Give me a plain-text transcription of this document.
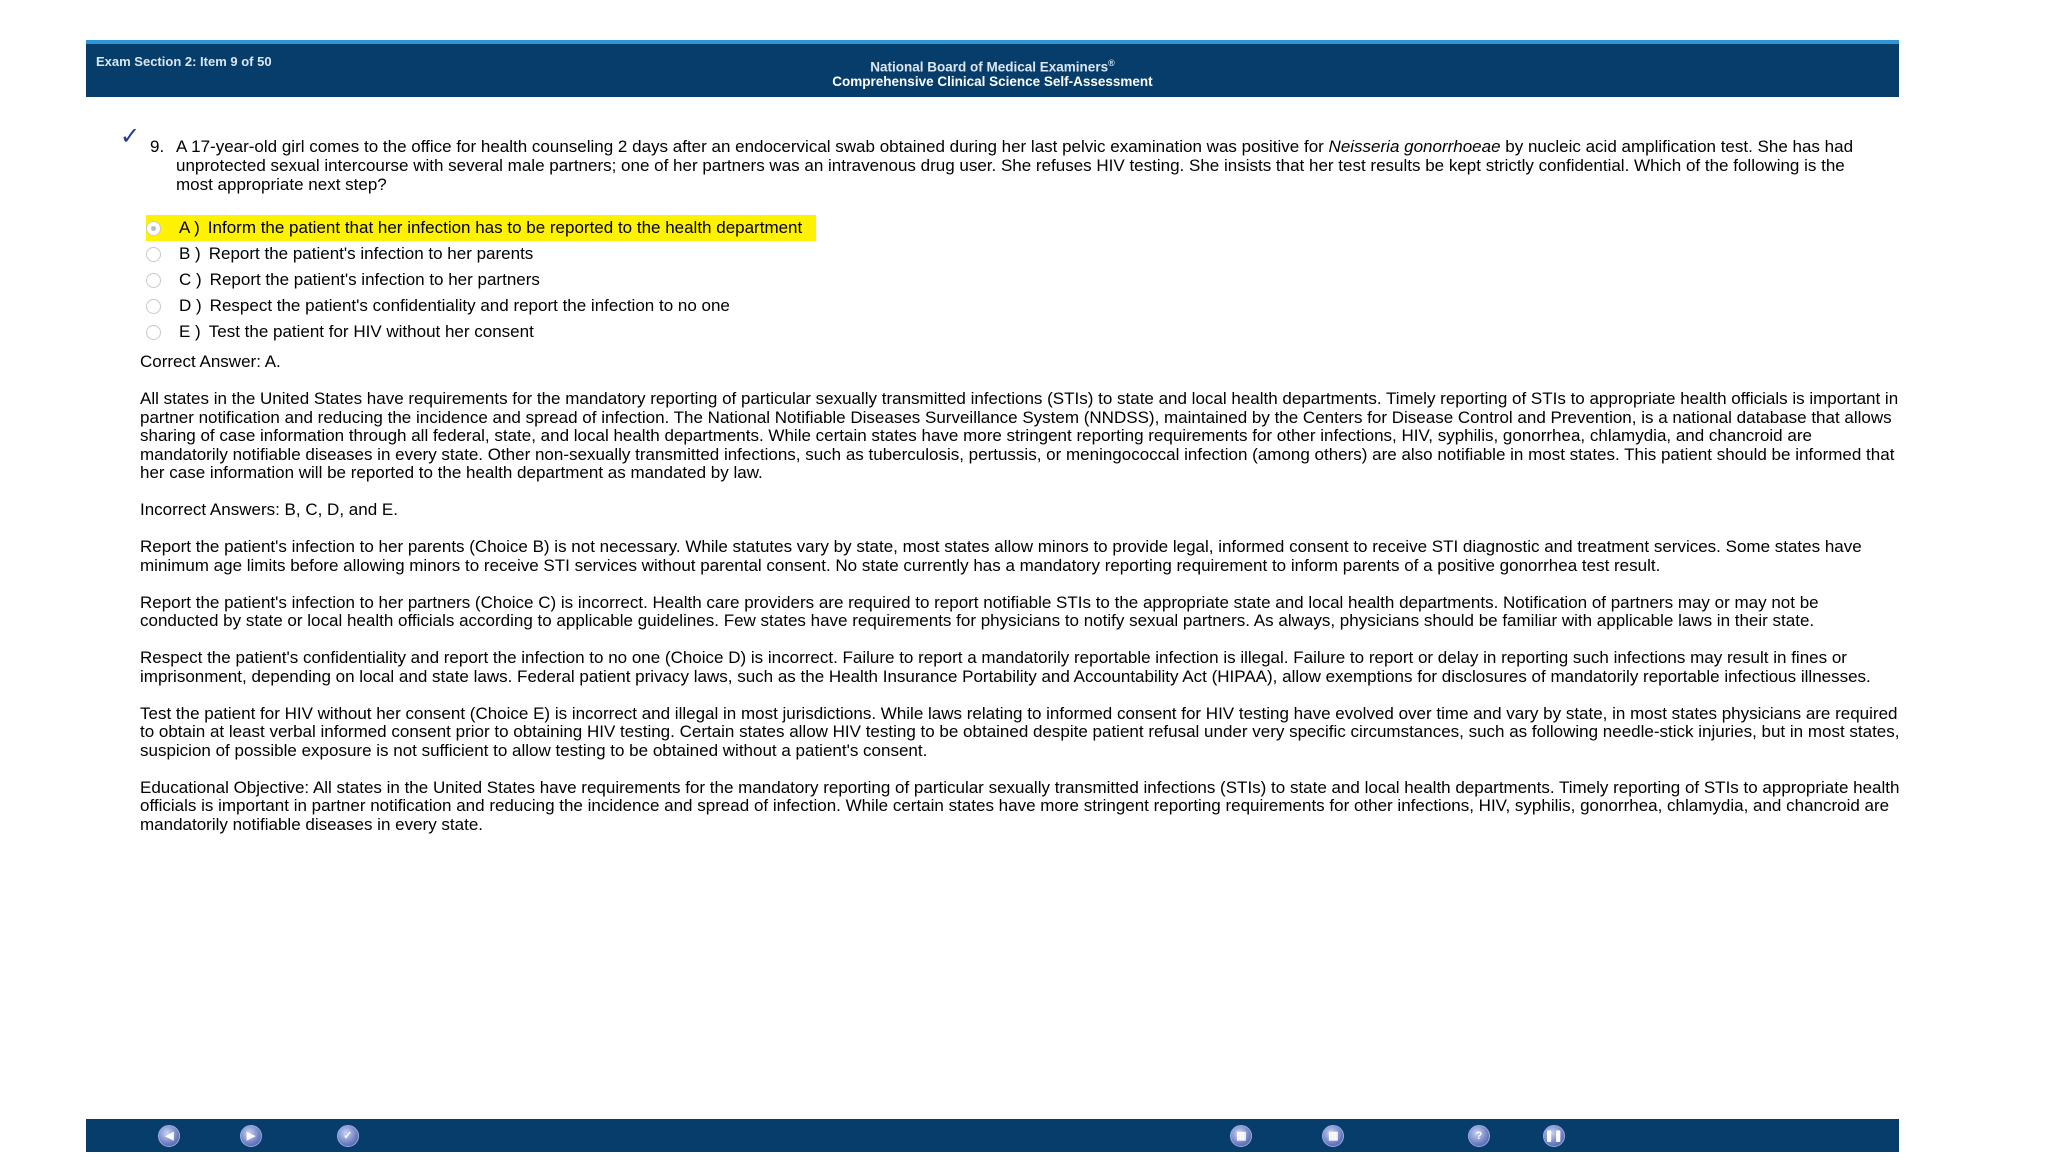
Exam Section 2: Item 9 of 50	National Board of Medical Examiners®
Comprehensive Clinical Science Self-Assessment
✓ 9. A 17-year-old girl comes to the office for health counseling 2 days after an endocervical swab obtained during her last pelvic examination was positive for Neisseria gonorrhoeae by nucleic acid amplification test. She has had unprotected sexual intercourse with several male partners; one of her partners was an intravenous drug user. She refuses HIV testing. She insists that her test results be kept strictly confidential. Which of the following is the most appropriate next step?
A ) Inform the patient that her infection has to be reported to the health department
B ) Report the patient's infection to her parents
C ) Report the patient's infection to her partners
D ) Respect the patient's confidentiality and report the infection to no one
E ) Test the patient for HIV without her consent

Correct Answer: A.

All states in the United States have requirements for the mandatory reporting of particular sexually transmitted infections (STIs) to state and local health departments. Timely reporting of STIs to appropriate health officials is important in partner notification and reducing the incidence and spread of infection. The National Notifiable Diseases Surveillance System (NNDSS), maintained by the Centers for Disease Control and Prevention, is a national database that allows sharing of case information through all federal, state, and local health departments. While certain states have more stringent reporting requirements for other infections, HIV, syphilis, gonorrhea, chlamydia, and chancroid are mandatorily notifiable diseases in every state. Other non-sexually transmitted infections, such as tuberculosis, pertussis, or meningococcal infection (among others) are also notifiable in most states. This patient should be informed that her case information will be reported to the health department as mandated by law.

Incorrect Answers: B, C, D, and E.

Report the patient's infection to her parents (Choice B) is not necessary. While statutes vary by state, most states allow minors to provide legal, informed consent to receive STI diagnostic and treatment services. Some states have minimum age limits before allowing minors to receive STI services without parental consent. No state currently has a mandatory reporting requirement to inform parents of a positive gonorrhea test result.

Report the patient's infection to her partners (Choice C) is incorrect. Health care providers are required to report notifiable STIs to the appropriate state and local health departments. Notification of partners may or may not be conducted by state or local health officials according to applicable guidelines. Few states have requirements for physicians to notify sexual partners. As always, physicians should be familiar with applicable laws in their state.

Respect the patient's confidentiality and report the infection to no one (Choice D) is incorrect. Failure to report a mandatorily reportable infection is illegal. Failure to report or delay in reporting such infections may result in fines or imprisonment, depending on local and state laws. Federal patient privacy laws, such as the Health Insurance Portability and Accountability Act (HIPAA), allow exemptions for disclosures of mandatorily reportable infectious illnesses.

Test the patient for HIV without her consent (Choice E) is incorrect and illegal in most jurisdictions. While laws relating to informed consent for HIV testing have evolved over time and vary by state, in most states physicians are required to obtain at least verbal informed consent prior to obtaining HIV testing. Certain states allow HIV testing to be obtained despite patient refusal under very specific circumstances, such as following needle-stick injuries, but in most states, suspicion of possible exposure is not sufficient to allow testing to be obtained without a patient's consent.

Educational Objective: All states in the United States have requirements for the mandatory reporting of particular sexually transmitted infections (STIs) to state and local health departments. Timely reporting of STIs to appropriate health officials is important in partner notification and reducing the incidence and spread of infection. While certain states have more stringent reporting requirements for other infections, HIV, syphilis, gonorrhea, chlamydia, and chancroid are mandatorily notifiable diseases in every state.

◀
Previous
▶
Next
✓
Score Report
▦
Lab Values
▦
Calculator
?
Help
❚❚
Pause
